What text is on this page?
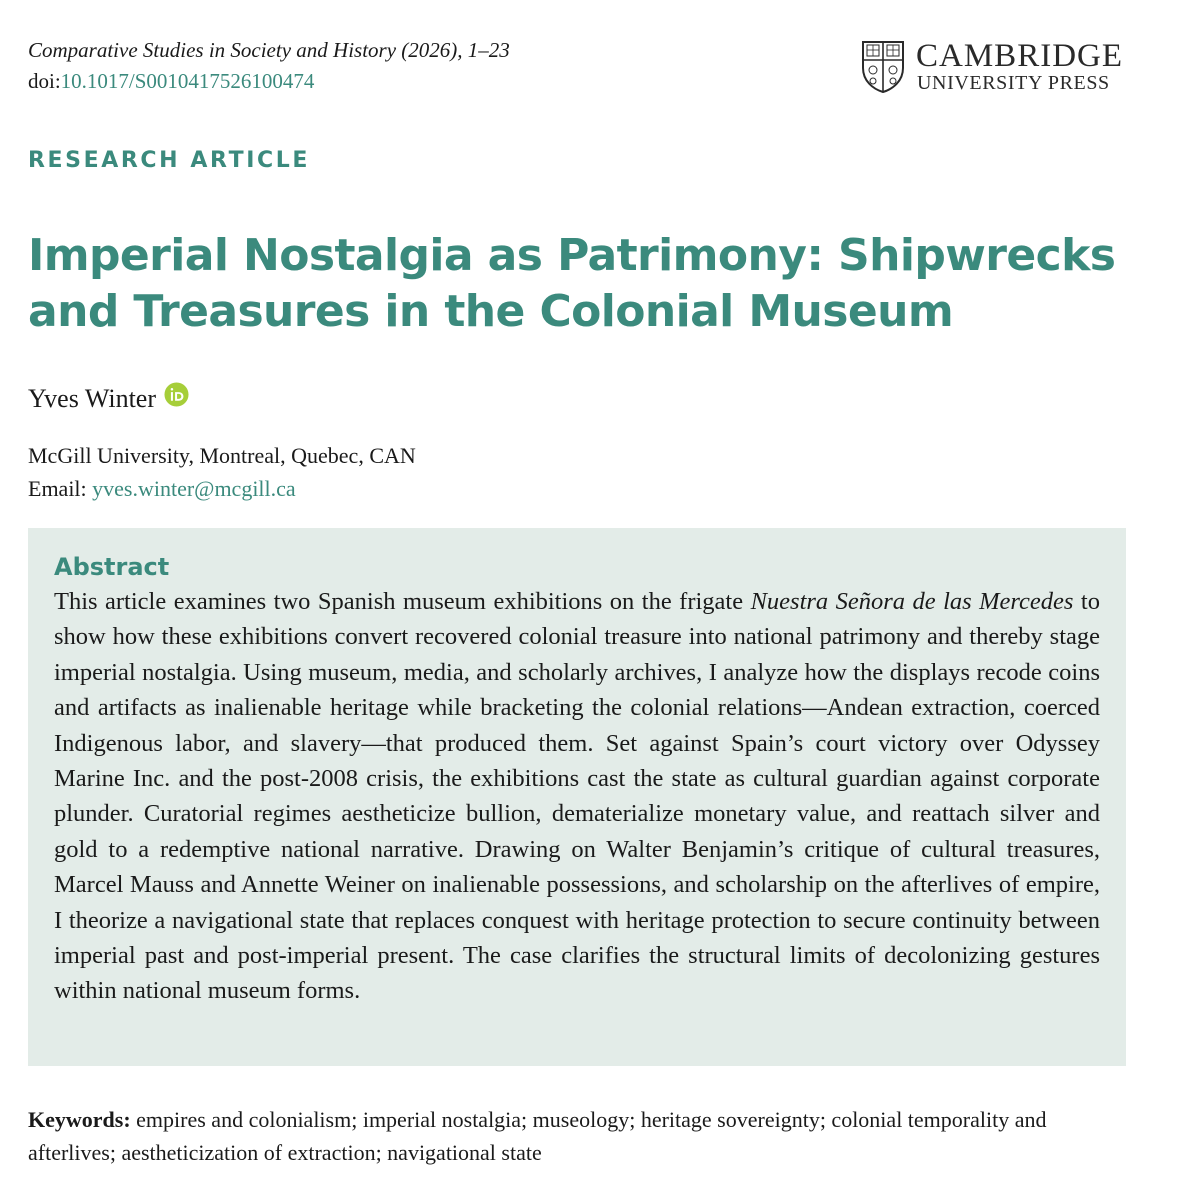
Comparative Studies in Society and History (2026), 1–23
doi:10.1017/S0010417526100474
CAMBRIDGE
UNIVERSITY PRESS
RESEARCH ARTICLE
Imperial Nostalgia as Patrimony: Shipwrecks and Treasures in the Colonial Museum
Yves Winter
McGill University, Montreal, Quebec, CAN
Email: yves.winter@mcgill.ca
Abstract

This article examines two Spanish museum exhibitions on the frigate Nuestra Señora de las Mercedes to show how these exhibitions convert recovered colonial treasure into national patrimony and thereby stage imperial nostalgia. Using museum, media, and scholarly archives, I analyze how the displays recode coins and artifacts as inalienable heritage while bracketing the colonial relations—Andean extraction, coerced Indigenous labor, and slavery—that produced them. Set against Spain’s court victory over Odyssey Marine Inc. and the post-2008 crisis, the exhibitions cast the state as cultural guardian against corporate plunder. Curatorial regimes aestheticize bullion, dematerialize monetary value, and reattach silver and gold to a redemptive national narrative. Drawing on Walter Benjamin’s critique of cultural treasures, Marcel Mauss and Annette Weiner on inalienable possessions, and scholarship on the afterlives of empire, I theorize a navigational state that replaces conquest with heritage protection to secure continuity between imperial past and post-imperial present. The case clarifies the structural limits of decolonizing gestures within national museum forms.

Keywords: empires and colonialism; imperial nostalgia; museology; heritage sovereignty; colonial temporality and afterlives; aestheticization of extraction; navigational state
